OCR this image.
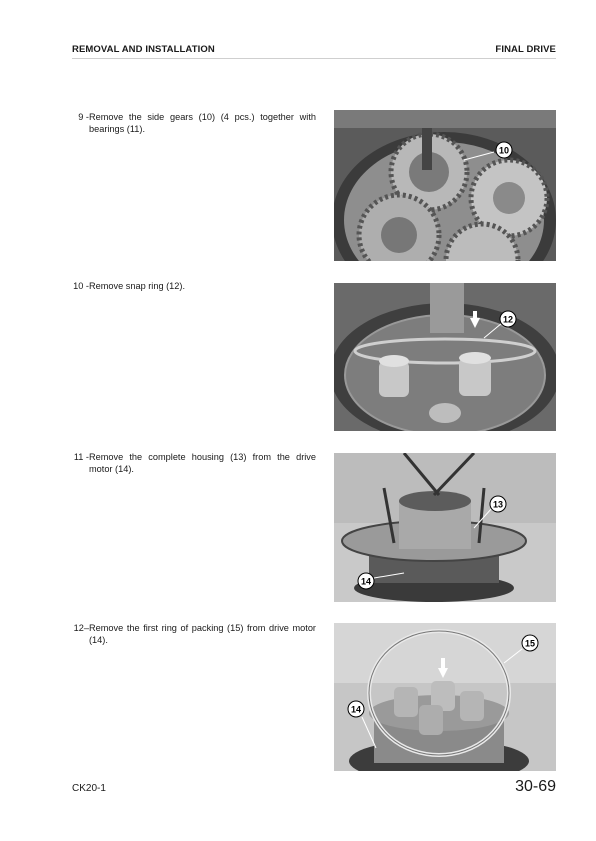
REMOVAL AND INSTALLATION	FINAL DRIVE
9 - Remove the side gears (10) (4 pcs.) together with bearings (11).
10
10 - Remove snap ring (12).
12
11 - Remove the complete housing (13) from the drive motor (14).
13
14
12– Remove the first ring of packing (15) from drive motor (14).	15
14
CK20-1	30-69
